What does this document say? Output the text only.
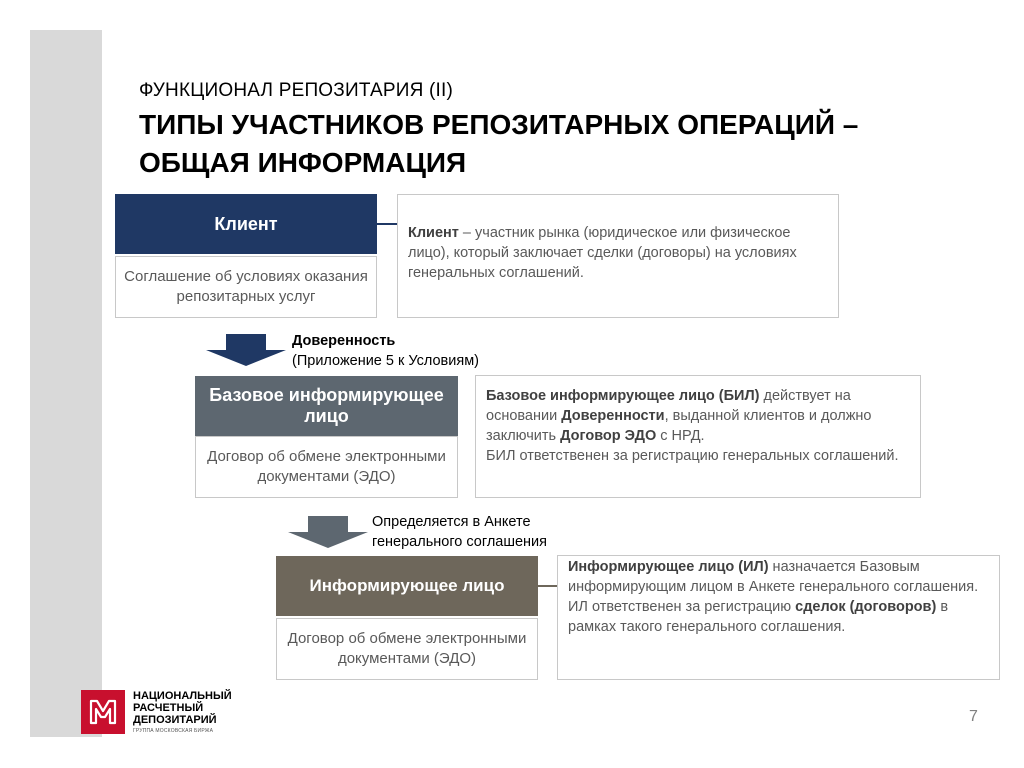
ФУНКЦИОНАЛ РЕПОЗИТАРИЯ (II)
ТИПЫ УЧАСТНИКОВ РЕПОЗИТАРНЫХ ОПЕРАЦИЙ –
ОБЩАЯ ИНФОРМАЦИЯ
Клиент
Соглашение об условиях оказания репозитарных услуг
Клиент – участник рынка (юридическое или физическое лицо), который заключает сделки (договоры) на условиях генеральных соглашений.
Доверенность
(Приложение 5 к Условиям)
Базовое информирующее лицо
Договор об обмене электронными документами (ЭДО)
Базовое информирующее лицо (БИЛ) действует на основании Доверенности, выданной клиентов и должно заключить Договор ЭДО с НРД.
БИЛ ответственен за регистрацию генеральных соглашений.
Определяется в Анкете генерального соглашения
Информирующее лицо
Договор об обмене электронными документами (ЭДО)
Информирующее лицо (ИЛ) назначается Базовым информирующим лицом в Анкете генерального соглашения.
ИЛ ответственен за регистрацию сделок (договоров) в рамках такого генерального соглашения.
НАЦИОНАЛЬНЫЙ
РАСЧЕТНЫЙ
ДЕПОЗИТАРИЙ
ГРУППА МОСКОВСКАЯ БИРЖА
7
